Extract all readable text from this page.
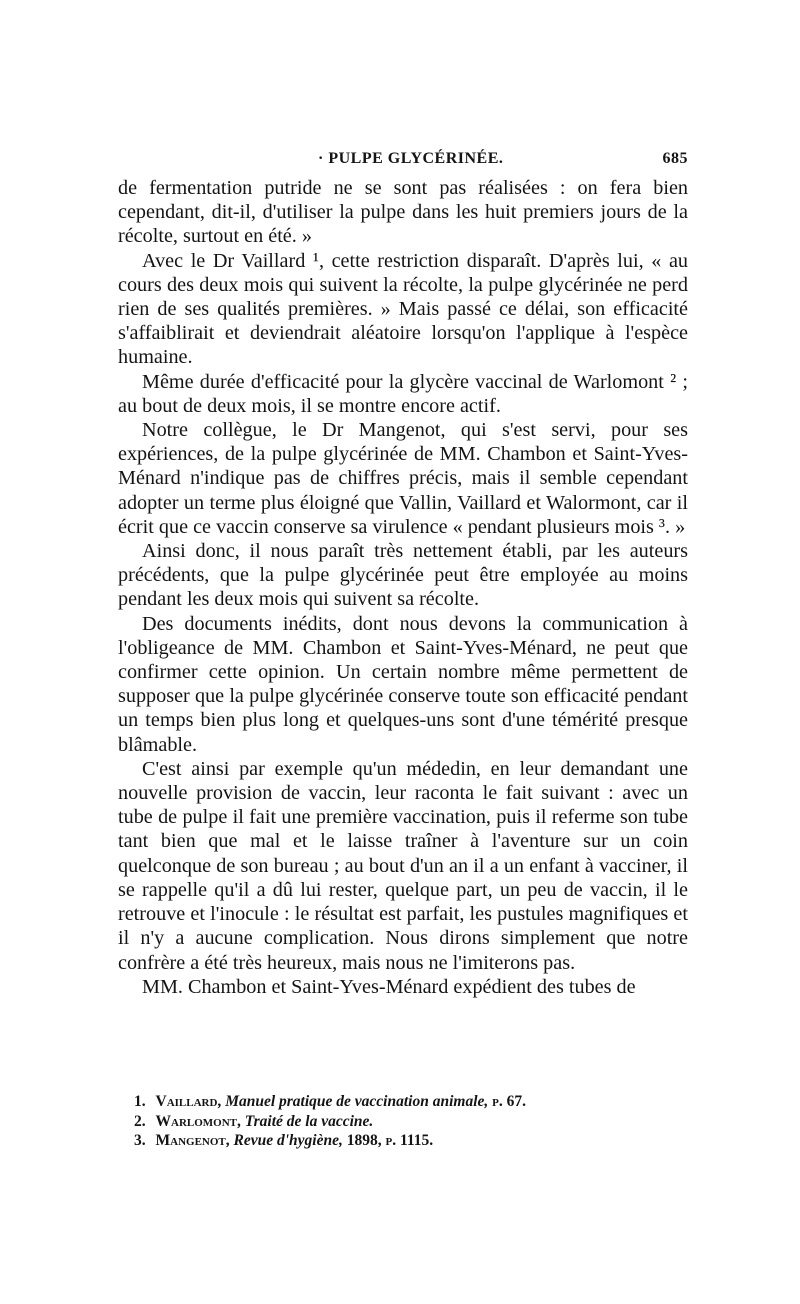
· PULPE GLYCÉRINÉE.	685

de fermentation putride ne se sont pas réalisées : on fera bien cependant, dit-il, d'utiliser la pulpe dans les huit premiers jours de la récolte, surtout en été. »

Avec le Dr Vaillard ¹, cette restriction disparaît. D'après lui, « au cours des deux mois qui suivent la récolte, la pulpe glycérinée ne perd rien de ses qualités premières. » Mais passé ce délai, son efficacité s'affaiblirait et deviendrait aléatoire lorsqu'on l'applique à l'espèce humaine.

Même durée d'efficacité pour la glycère vaccinal de Warlomont ² ; au bout de deux mois, il se montre encore actif.

Notre collègue, le Dr Mangenot, qui s'est servi, pour ses expériences, de la pulpe glycérinée de MM. Chambon et Saint-Yves-Ménard n'indique pas de chiffres précis, mais il semble cependant adopter un terme plus éloigné que Vallin, Vaillard et Walormont, car il écrit que ce vaccin conserve sa virulence « pendant plusieurs mois ³. »

Ainsi donc, il nous paraît très nettement établi, par les auteurs précédents, que la pulpe glycérinée peut être employée au moins pendant les deux mois qui suivent sa récolte.

Des documents inédits, dont nous devons la communication à l'obligeance de MM. Chambon et Saint-Yves-Ménard, ne peut que confirmer cette opinion. Un certain nombre même permettent de supposer que la pulpe glycérinée conserve toute son efficacité pendant un temps bien plus long et quelques-uns sont d'une témérité presque blâmable.

C'est ainsi par exemple qu'un médedin, en leur demandant une nouvelle provision de vaccin, leur raconta le fait suivant : avec un tube de pulpe il fait une première vaccination, puis il referme son tube tant bien que mal et le laisse traîner à l'aventure sur un coin quelconque de son bureau ; au bout d'un an il a un enfant à vacciner, il se rappelle qu'il a dû lui rester, quelque part, un peu de vaccin, il le retrouve et l'inocule : le résultat est parfait, les pustules magnifiques et il n'y a aucune complication. Nous dirons simplement que notre confrère a été très heureux, mais nous ne l'imiterons pas.

MM. Chambon et Saint-Yves-Ménard expédient des tubes de

1. Vaillard, Manuel pratique de vaccination animale, p. 67.
2. Warlomont, Traité de la vaccine.
3. Mangenot, Revue d'hygiène, 1898, p. 1115.
